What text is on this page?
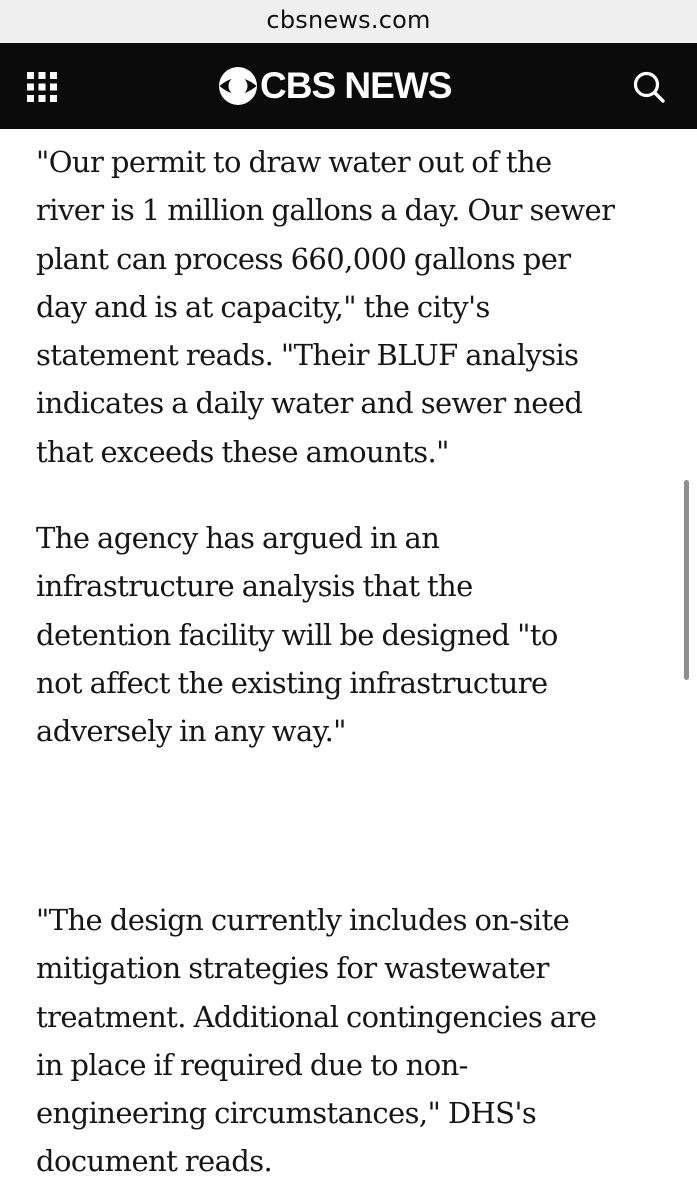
cbsnews.com
CBS NEWS

"Our permit to draw water out of the
river is 1 million gallons a day. Our sewer
plant can process 660,000 gallons per
day and is at capacity," the city's
statement reads. "Their BLUF analysis
indicates a daily water and sewer need
that exceeds these amounts."

The agency has argued in an
infrastructure analysis that the
detention facility will be designed "to
not affect the existing infrastructure
adversely in any way."

"The design currently includes on-site
mitigation strategies for wastewater
treatment. Additional contingencies are
in place if required due to non-
engineering circumstances," DHS's
document reads.
